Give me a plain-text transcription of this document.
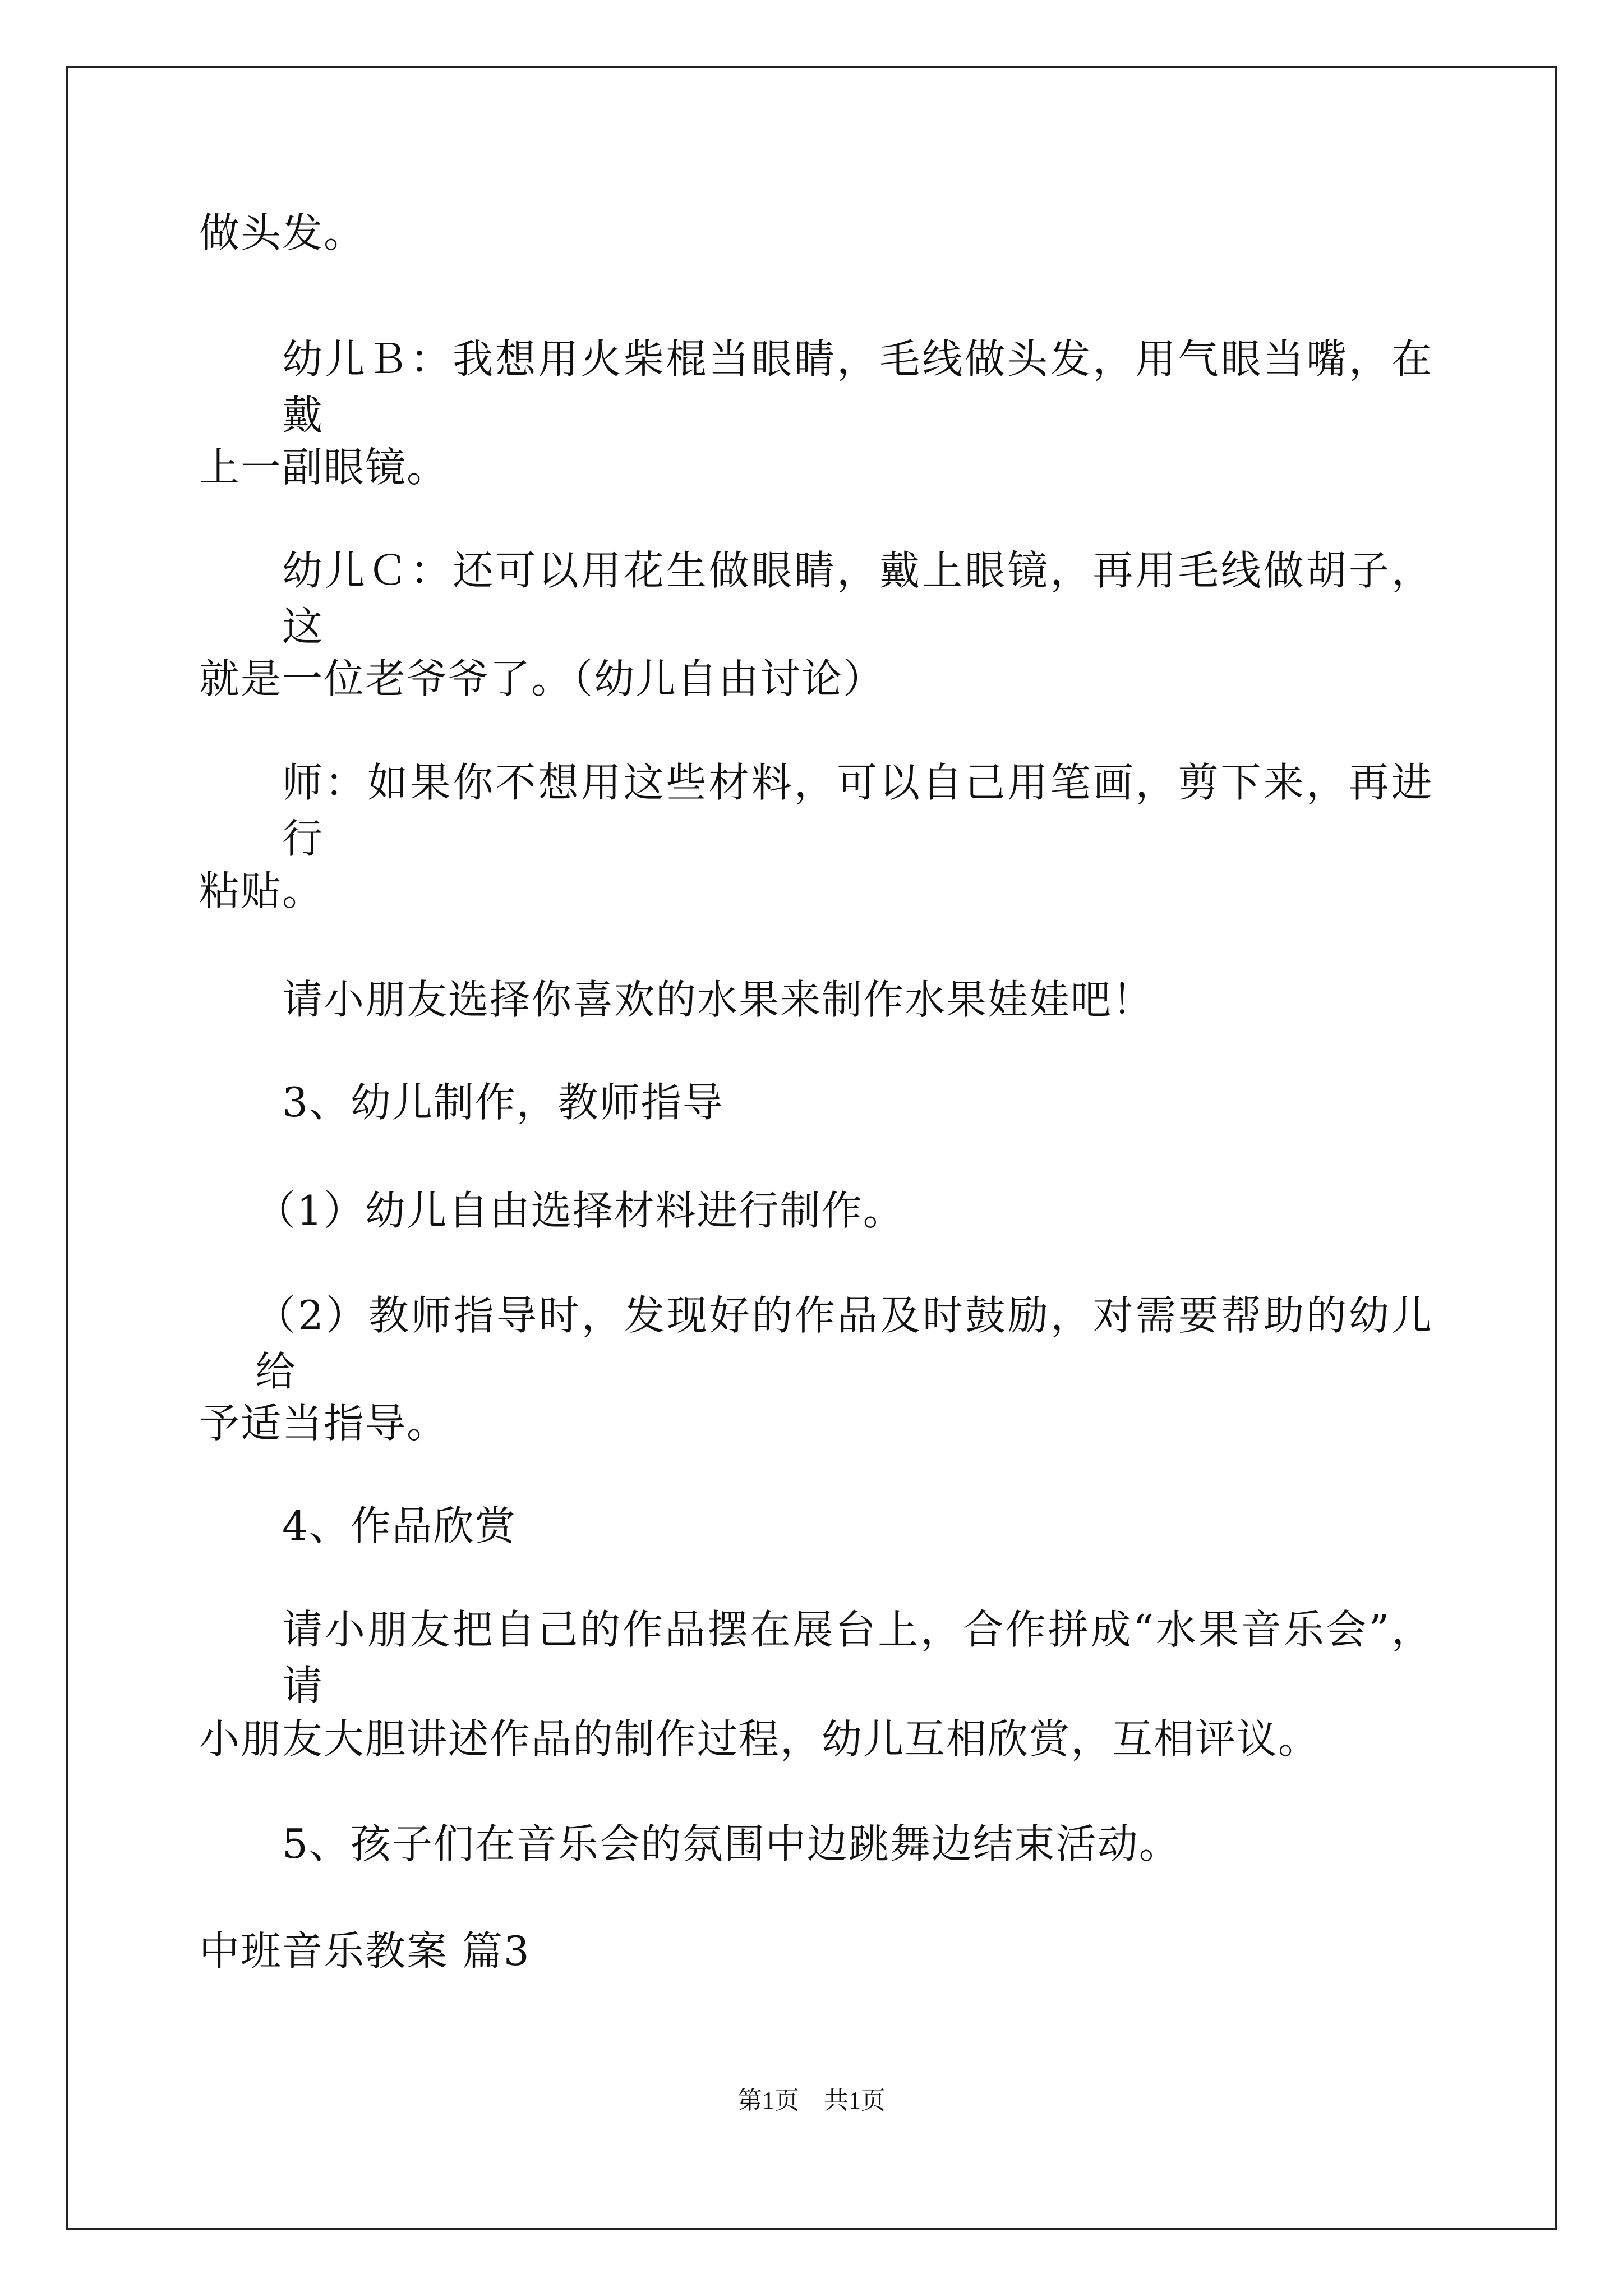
做头发。
幼儿Ｂ：我想用火柴棍当眼睛，毛线做头发，用气眼当嘴，在戴
上一副眼镜。
幼儿Ｃ：还可以用花生做眼睛，戴上眼镜，再用毛线做胡子，这
就是一位老爷爷了。（幼儿自由讨论）
师：如果你不想用这些材料，可以自己用笔画，剪下来，再进行
粘贴。
请小朋友选择你喜欢的水果来制作水果娃娃吧！
3、幼儿制作，教师指导
（1）幼儿自由选择材料进行制作。
（2）教师指导时，发现好的作品及时鼓励，对需要帮助的幼儿给
予适当指导。
4、作品欣赏
请小朋友把自己的作品摆在展台上，合作拼成“水果音乐会”，请
小朋友大胆讲述作品的制作过程，幼儿互相欣赏，互相评议。
5、孩子们在音乐会的氛围中边跳舞边结束活动。
中班音乐教案 篇3
第1页　共1页
